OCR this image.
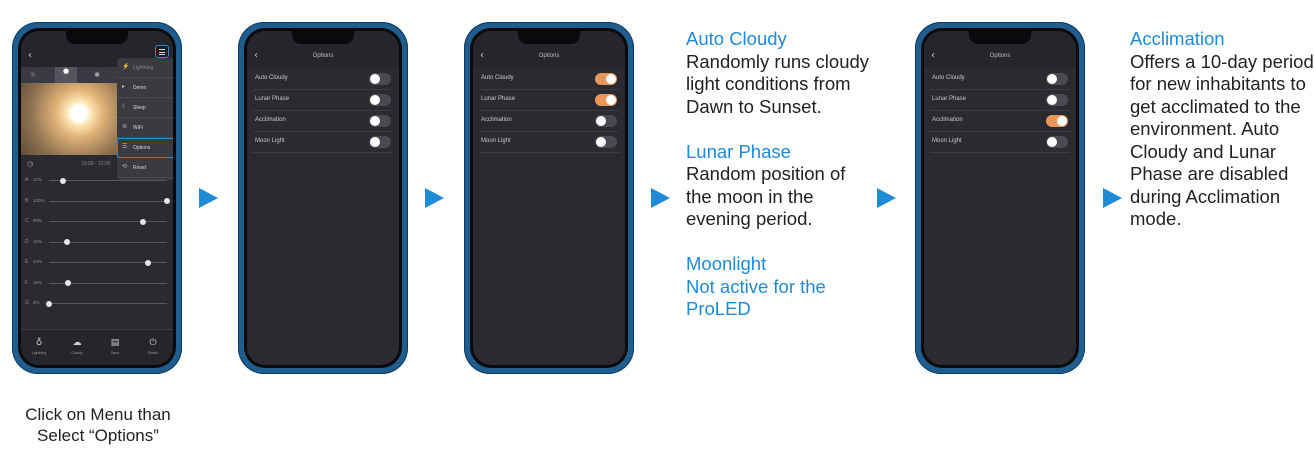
‹
☼	●	✱
⚡ Lightning
▸	Demo
☾ Sleep
≋ WiFi
☰ Options
⟲ Reset
◷	10:00 - 12:00
A 12%
B 100%
C 80%
D 15%
E 84%
F 16%
G 0%
♁
Lightning
☁
Cloudy
▤
Save
⏻
Switch
‹	Options
Auto Cloudy
Lunar Phase
Acclimation
Moon Light
‹	Options
Auto Cloudy
Lunar Phase
Acclimation
Moon Light
Auto Cloudy
Randomly runs cloudy
light conditions from
Dawn to Sunset.
Lunar Phase
Random position of
the moon in the
evening period.
Moonlight
Not active for the
ProLED
‹	Options
Auto Cloudy
Lunar Phase
Acclimation
Moon Light
Acclimation
Offers a 10-day period
for new inhabitants to
get acclimated to the
environment. Auto
Cloudy and Lunar
Phase are disabled
during Acclimation
mode.
Click on Menu than
Select “Options”
